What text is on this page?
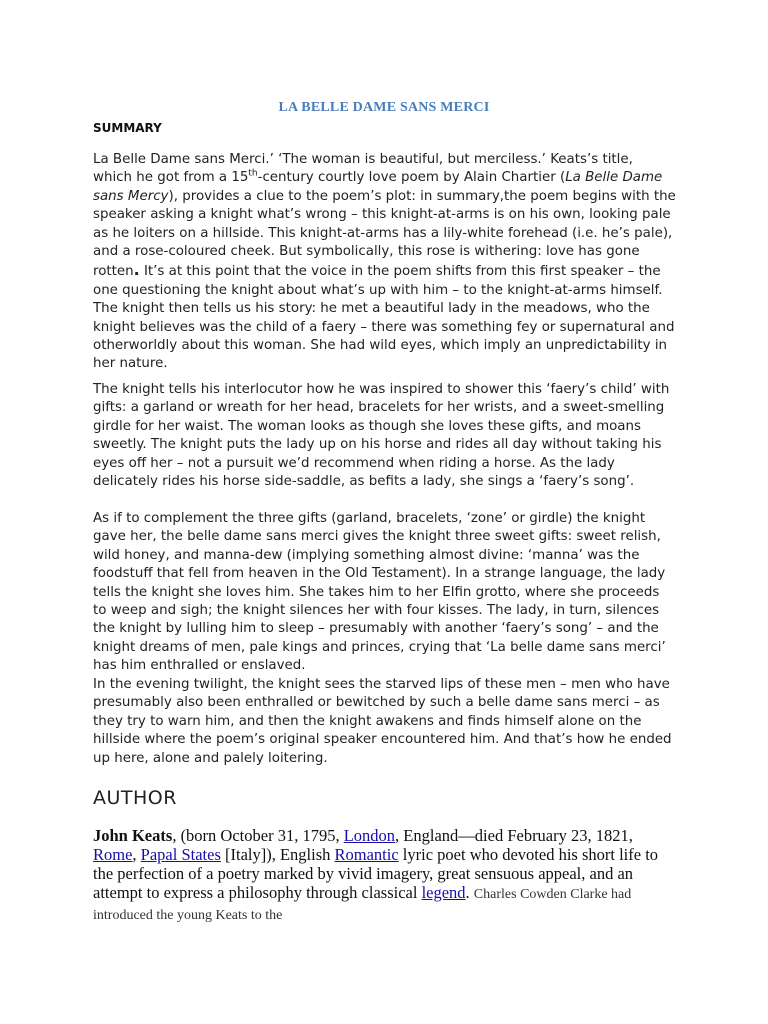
LA BELLE DAME SANS MERCI
SUMMARY

La Belle Dame sans Merci.’ ‘The woman is beautiful, but merciless.’ Keats’s title, which he got from a 15th-century courtly love poem by Alain Chartier (La Belle Dame sans Mercy), provides a clue to the poem’s plot: in summary,the poem begins with the speaker asking a knight what’s wrong – this knight-at-arms is on his own, looking pale as he loiters on a hillside. This knight-at-arms has a lily-white forehead (i.e. he’s pale), and a rose-coloured cheek. But symbolically, this rose is withering: love has gone rotten. It’s at this point that the voice in the poem shifts from this first speaker – the one questioning the knight about what’s up with him – to the knight-at-arms himself. The knight then tells us his story: he met a beautiful lady in the meadows, who the knight believes was the child of a faery – there was something fey or supernatural and otherworldly about this woman. She had wild eyes, which imply an unpredictability in her nature.

The knight tells his interlocutor how he was inspired to shower this ‘faery’s child’ with gifts: a garland or wreath for her head, bracelets for her wrists, and a sweet-smelling girdle for her waist. The woman looks as though she loves these gifts, and moans sweetly. The knight puts the lady up on his horse and rides all day without taking his eyes off her – not a pursuit we’d recommend when riding a horse. As the lady delicately rides his horse side-saddle, as befits a lady, she sings a ‘faery’s song’.

As if to complement the three gifts (garland, bracelets, ‘zone’ or girdle) the knight gave her, the belle dame sans merci gives the knight three sweet gifts: sweet relish, wild honey, and manna-dew (implying something almost divine: ‘manna’ was the foodstuff that fell from heaven in the Old Testament). In a strange language, the lady tells the knight she loves him. She takes him to her Elfin grotto, where she proceeds to weep and sigh; the knight silences her with four kisses. The lady, in turn, silences the knight by lulling him to sleep – presumably with another ‘faery’s song’ – and the knight dreams of men, pale kings and princes, crying that ‘La belle dame sans merci’ has him enthralled or enslaved.

In the evening twilight, the knight sees the starved lips of these men – men who have presumably also been enthralled or bewitched by such a belle dame sans merci – as they try to warn him, and then the knight awakens and finds himself alone on the hillside where the poem’s original speaker encountered him. And that’s how he ended up here, alone and palely loitering.

AUTHOR

John Keats, (born October 31, 1795, London, England—died February 23, 1821, Rome, Papal States [Italy]), English Romantic lyric poet who devoted his short life to the perfection of a poetry marked by vivid imagery, great sensuous appeal, and an attempt to express a philosophy through classical legend. Charles Cowden Clarke had introduced the young Keats to the
